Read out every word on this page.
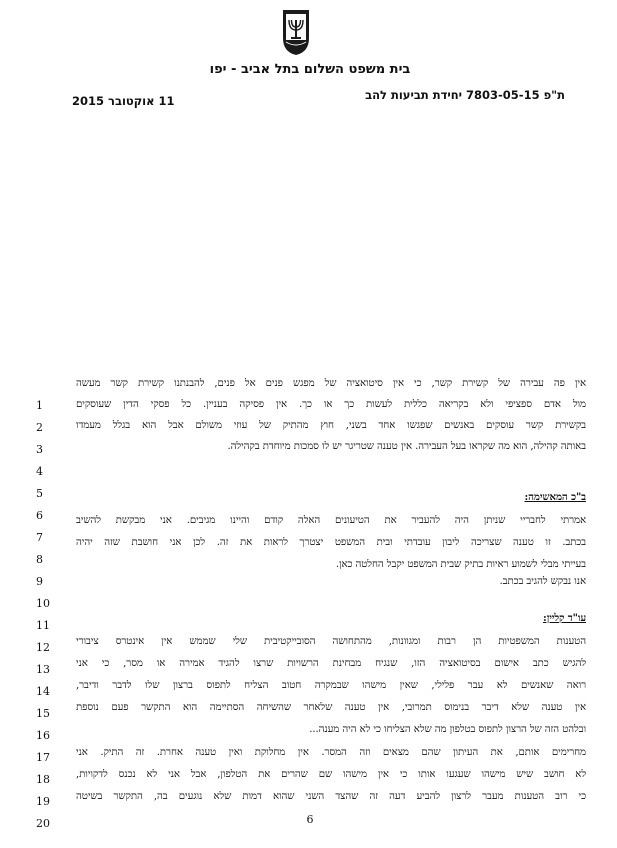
בית משפט השלום בתל אביב - יפו
ת"פ 7803-05-15 יחידת תביעות להב
11 אוקטובר 2015
1
2
3
4
5
6
7
8
9
10
11
12
13
14
15
16
17
18
19
20
אין פה עבירה של קשירת קשר, כי אין סיטואציה של מפגש פנים אל פנים, להבנתנו קשירת קשר מעשה
מול אדם ספציפי ולא בקריאה כללית לעשות כך או כך. אין פסיקה בעניין. כל פסקי הדין שעוסקים
בקשירת קשר עוסקים באנשים שפגשו אחד בשני, חוץ מהתיק של עוזי משולם אבל הוא בגלל מעמדו
באותה קהילה, הוא מה שקראו בעל העבירה. אין טענה שטריגר יש לו סמכות מיוחדת בקהילה.
ב"כ המאשימה:
אמרתי לחבריי שניתן היה להעביר את הטיעונים האלה קודם והיינו מגיבים. אני מבקשת להשיב
בכתב. זו טענה שצריכה ליבון עובדתי ובית המשפט יצטרך לראות את זה. לכן אני חושבת שזה יהיה
בעייתי מבלי לשמוע ראיות בתיק שבית המשפט יקבל החלטה כאן.
אנו נבקש להגיב בכתב.
עו"ד קליין:
הטענות המשפטיות הן רבות ומגוונות, מהתחושה הסובייקטיבית שלי שממש אין אינטרס ציבורי
להגיש כתב אישום בסיטואציה הזו, שנגיח מבחינת הרשויות שרצו להגיד אמירה או מסר, כי אני
רואה שאנשים לא עבר פלילי, שאין מישהו שבמקרה חטוב הצליח לתפוס ברצון שלו לדבר ודיבר,
אין טענה שלא דיבר בנימוס תמרובי, אין טענה שלאחר שהשיחה הסתיימה הוא התקשר פעם נוספת
ובלהט הזה של הרצון לתפוס בטלפון מה שלא הצליחו כי לא היה מענה...
מחרימים אותם, את העיתון שהם מצאים וזה המסר. אין מחלוקת ואין טענה אחרת. זה התיק. אני
לא חושב שיש מישהו שעגעו אותו כי אין מישהו שם שהרים את הטלפון, אבל אני לא נכנס לדקויות,
כי רוב הטענות מעבר לרצון להביע דעה זה שהצד השני שהוא דמות שלא נוגעים בה, התקשר בשיטה
6
